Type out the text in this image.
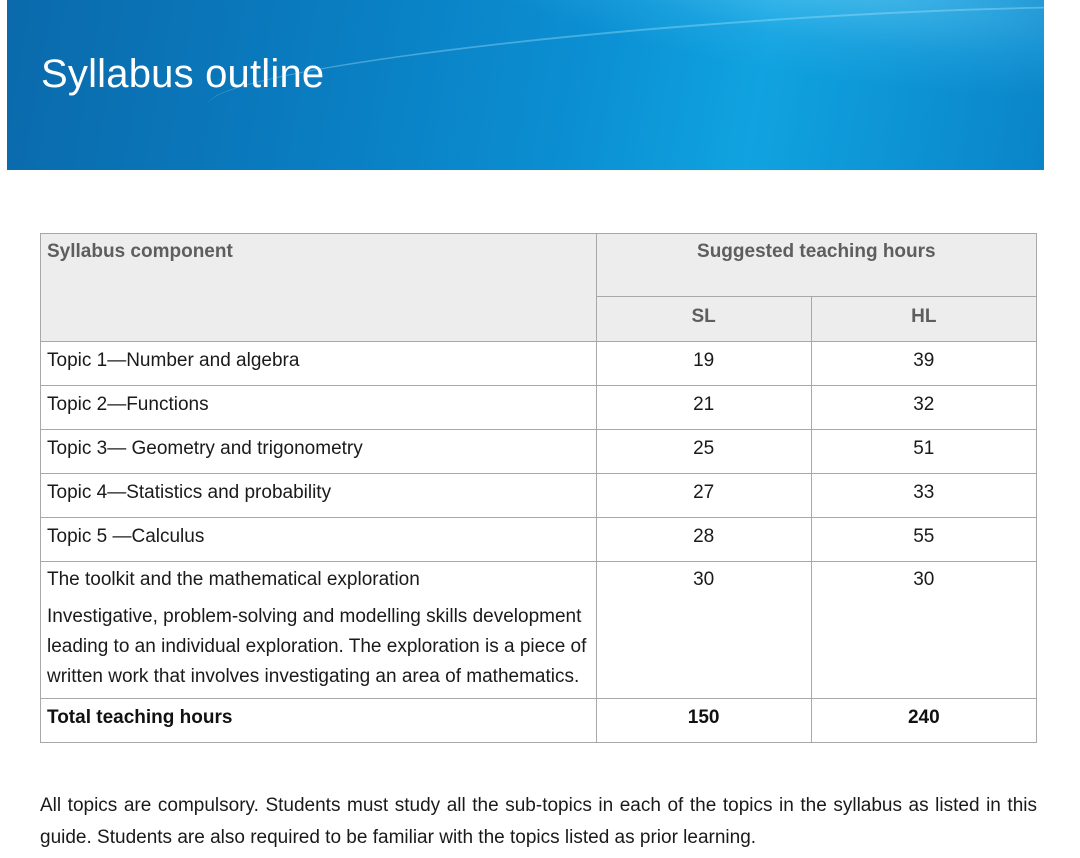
Syllabus outline
Syllabus component	Suggested teaching hours	
	SL	HL
Topic 1—Number and algebra	19	39
Topic 2—Functions	21	32
Topic 3— Geometry and trigonometry	25	51
Topic 4—Statistics and probability	27	33
Topic 5 —Calculus	28	55

The toolkit and the mathematical exploration
Investigative, problem-solving and modelling skills development leading to an individual exploration. The exploration is a piece of written work that involves investigating an area of mathematics.	30	30
Total teaching hours	150	240

All topics are compulsory. Students must study all the sub-topics in each of the topics in the syllabus as listed in this guide. Students are also required to be familiar with the topics listed as prior learning.
